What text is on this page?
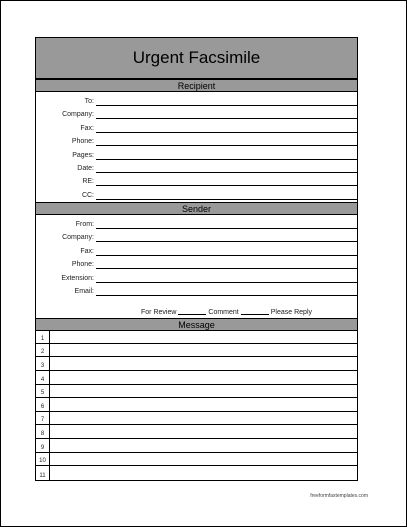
Urgent Facsimile
Recipient
To:
Company:
Fax:
Phone:
Pages:
Date:
RE:
CC:
Sender
From:
Company:
Fax:
Phone:
Extension:
Email:
For Review	Comment	Please Reply
Message
1
2
3
4
5
6
7
8
9
10
11
freeformfaxtemplates.com
